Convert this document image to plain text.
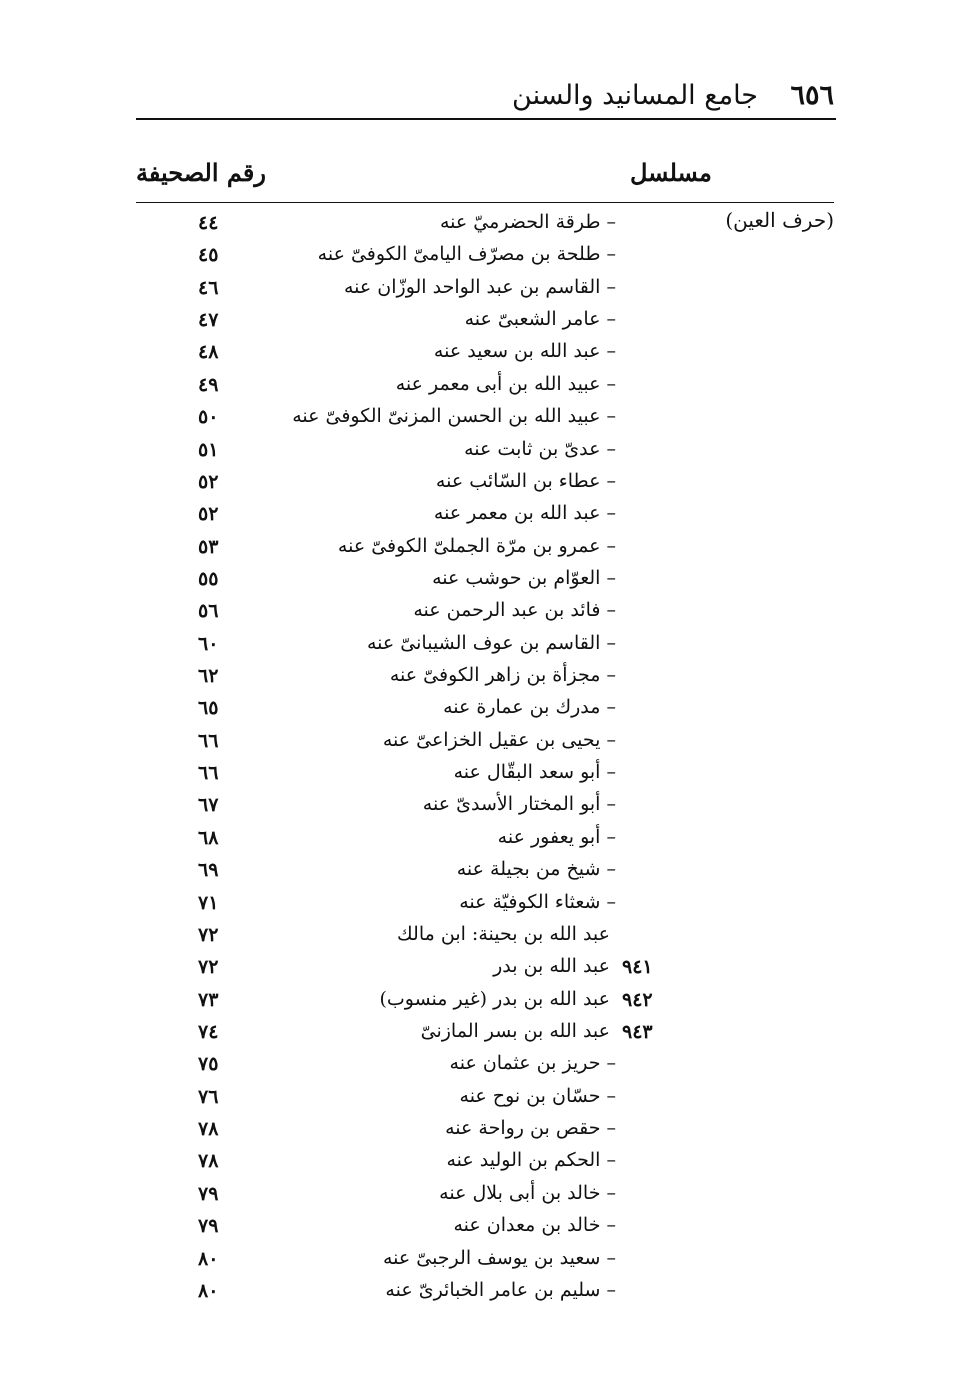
٦٥٦
جامع المسانيد والسنن
مسلسل
رقم الصحيفة
(حرف العين)
– طرقة الحضرميّ عنه
٤٤
– طلحة بن مصرّف اليامىّ الكوفىّ عنه
٤٥
– القاسم بن عبد الواحد الوزّان عنه
٤٦
– عامر الشعبىّ عنه
٤٧
– عبد الله بن سعيد عنه
٤٨
– عبيد الله بن أبى معمر عنه
٤٩
– عبيد الله بن الحسن المزنىّ الكوفىّ عنه
٥٠
– عدىّ بن ثابت عنه
٥١
– عطاء بن السّائب عنه
٥٢
– عبد الله بن معمر عنه
٥٢
– عمرو بن مرّة الجملىّ الكوفىّ عنه
٥٣
– العوّام بن حوشب عنه
٥٥
– فائد بن عبد الرحمن عنه
٥٦
– القاسم بن عوف الشيبانىّ عنه
٦٠
– مجزأة بن زاهر الكوفىّ عنه
٦٢
– مدرك بن عمارة عنه
٦٥
– يحيى بن عقيل الخزاعىّ عنه
٦٦
– أبو سعد البقّال عنه
٦٦
– أبو المختار الأسدىّ عنه
٦٧
– أبو يعفور عنه
٦٨
– شيخ من بجيلة عنه
٦٩
– شعثاء الكوفيّة عنه
٧١
عبد الله بن بحينة: ابن مالك
٧٢
عبد الله بن بدر ٩٤١
٧٢
عبد الله بن بدر (غير منسوب) ٩٤٢
٧٣
عبد الله بن بسر المازنىّ ٩٤٣
٧٤
– حريز بن عثمان عنه
٧٥
– حسّان بن نوح عنه
٧٦
– حقص بن رواحة عنه
٧٨
– الحكم بن الوليد عنه
٧٨
– خالد بن أبى بلال عنه
٧٩
– خالد بن معدان عنه
٧٩
– سعيد بن يوسف الرجبىّ عنه
٨٠
– سليم بن عامر الخبائرىّ عنه
٨٠
